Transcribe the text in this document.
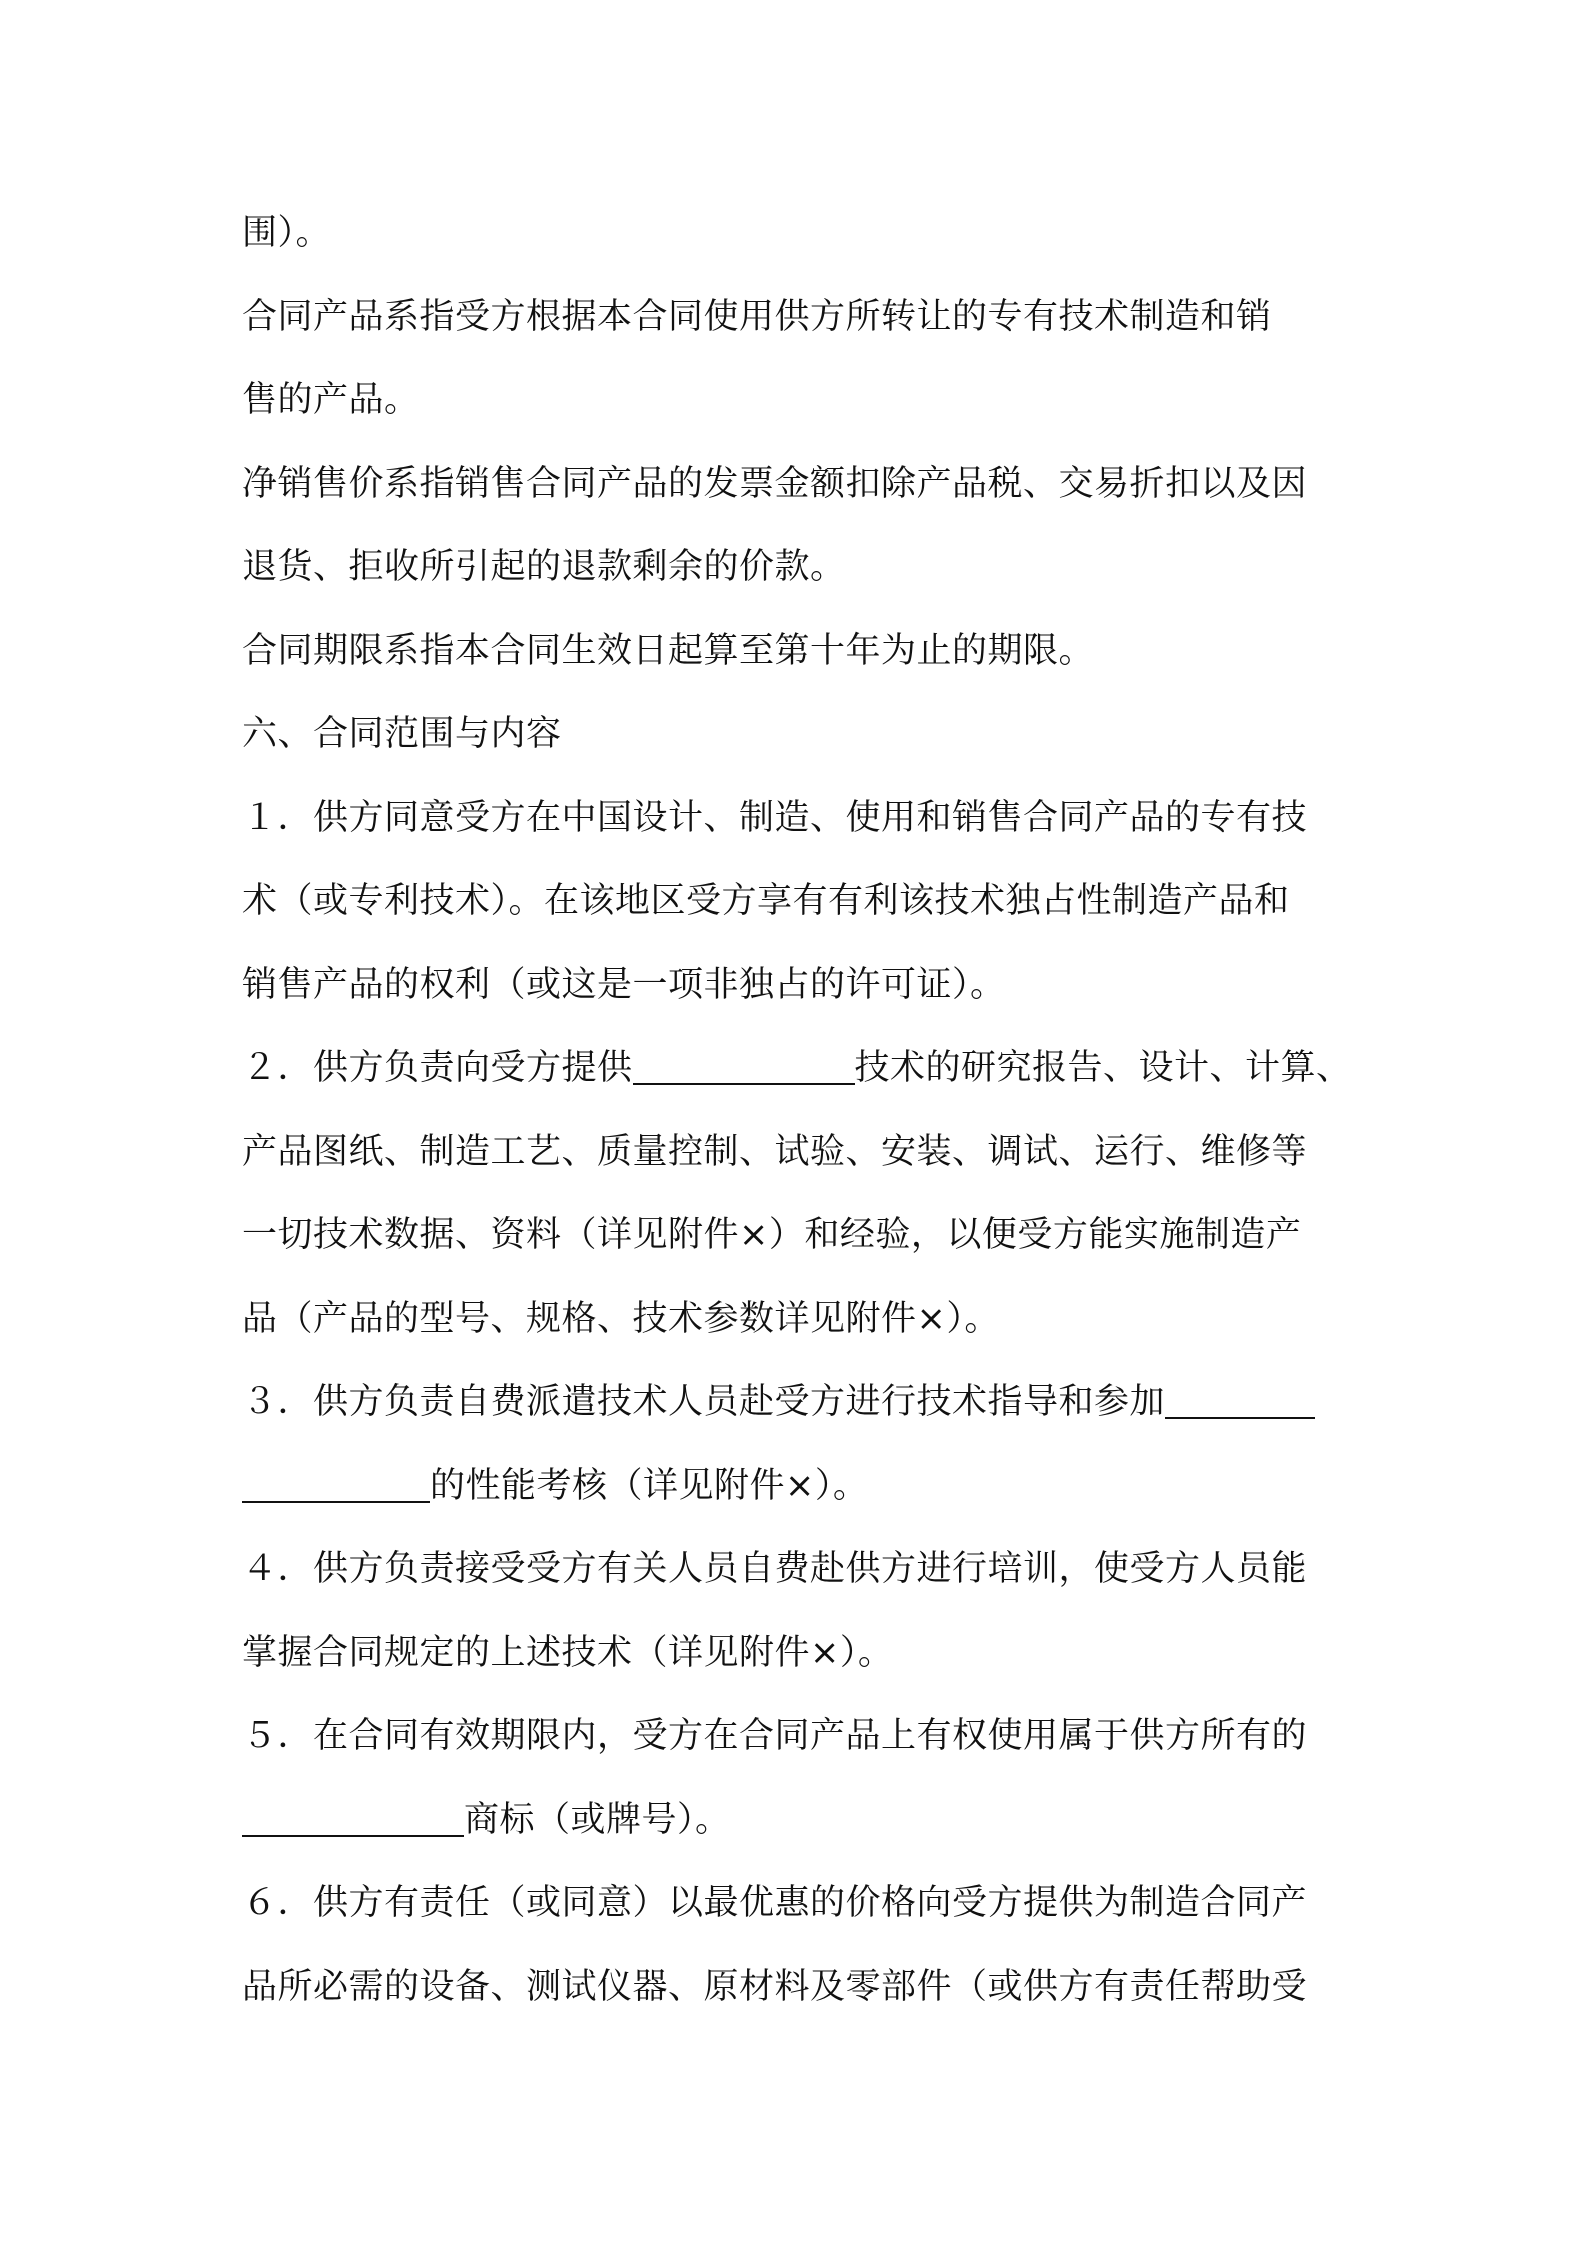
围）。
合同产品系指受方根据本合同使用供方所转让的专有技术制造和销
售的产品。
净销售价系指销售合同产品的发票金额扣除产品税、交易折扣以及因
退货、拒收所引起的退款剩余的价款。
合同期限系指本合同生效日起算至第十年为止的期限。
六、合同范围与内容
１．供方同意受方在中国设计、制造、使用和销售合同产品的专有技
术（或专利技术）。在该地区受方享有有利该技术独占性制造产品和
销售产品的权利（或这是一项非独占的许可证）。
２．供方负责向受方提供	技术的研究报告、设计、计算、
产品图纸、制造工艺、质量控制、试验、安装、调试、运行、维修等
一切技术数据、资料（详见附件×）和经验，以便受方能实施制造产
品（产品的型号、规格、技术参数详见附件×）。
３．供方负责自费派遣技术人员赴受方进行技术指导和参加
的性能考核（详见附件×）。
４．供方负责接受受方有关人员自费赴供方进行培训，使受方人员能
掌握合同规定的上述技术（详见附件×）。
５．在合同有效期限内，受方在合同产品上有权使用属于供方所有的
商标（或牌号）。
６．供方有责任（或同意）以最优惠的价格向受方提供为制造合同产
品所必需的设备、测试仪器、原材料及零部件（或供方有责任帮助受
